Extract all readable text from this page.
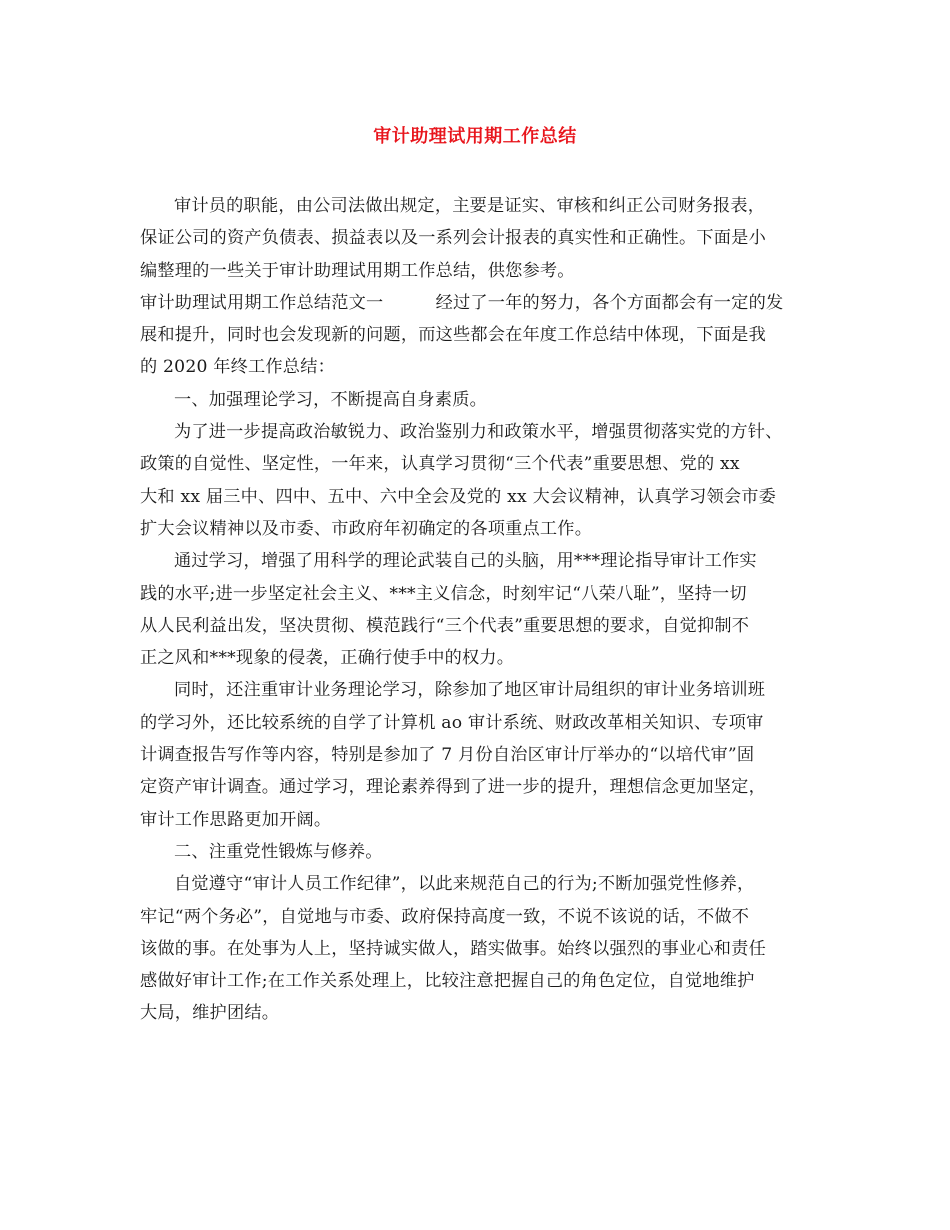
审计助理试用期工作总结
审计员的职能，由公司法做出规定，主要是证实、审核和纠正公司财务报表，
保证公司的资产负债表、损益表以及一系列会计报表的真实性和正确性。下面是小
编整理的一些关于审计助理试用期工作总结，供您参考。
审计助理试用期工作总结范文一　　　经过了一年的努力，各个方面都会有一定的发
展和提升，同时也会发现新的问题，而这些都会在年度工作总结中体现，下面是我
的 2020 年终工作总结：
一、加强理论学习，不断提高自身素质。
为了进一步提高政治敏锐力、政治鉴别力和政策水平，增强贯彻落实党的方针、
政策的自觉性、坚定性，一年来，认真学习贯彻“三个代表”重要思想、党的 xx
大和 xx 届三中、四中、五中、六中全会及党的 xx 大会议精神，认真学习领会市委
扩大会议精神以及市委、市政府年初确定的各项重点工作。
通过学习，增强了用科学的理论武装自己的头脑，用***理论指导审计工作实
践的水平;进一步坚定社会主义、***主义信念，时刻牢记“八荣八耻”，坚持一切
从人民利益出发，坚决贯彻、模范践行“三个代表”重要思想的要求，自觉抑制不
正之风和***现象的侵袭，正确行使手中的权力。
同时，还注重审计业务理论学习，除参加了地区审计局组织的审计业务培训班
的学习外，还比较系统的自学了计算机 ao 审计系统、财政改革相关知识、专项审
计调查报告写作等内容，特别是参加了 7 月份自治区审计厅举办的“以培代审”固
定资产审计调查。通过学习，理论素养得到了进一步的提升，理想信念更加坚定，
审计工作思路更加开阔。
二、注重党性锻炼与修养。
自觉遵守“审计人员工作纪律”，以此来规范自己的行为;不断加强党性修养，
牢记“两个务必”，自觉地与市委、政府保持高度一致，不说不该说的话，不做不
该做的事。在处事为人上，坚持诚实做人，踏实做事。始终以强烈的事业心和责任
感做好审计工作;在工作关系处理上，比较注意把握自己的角色定位，自觉地维护
大局，维护团结。
